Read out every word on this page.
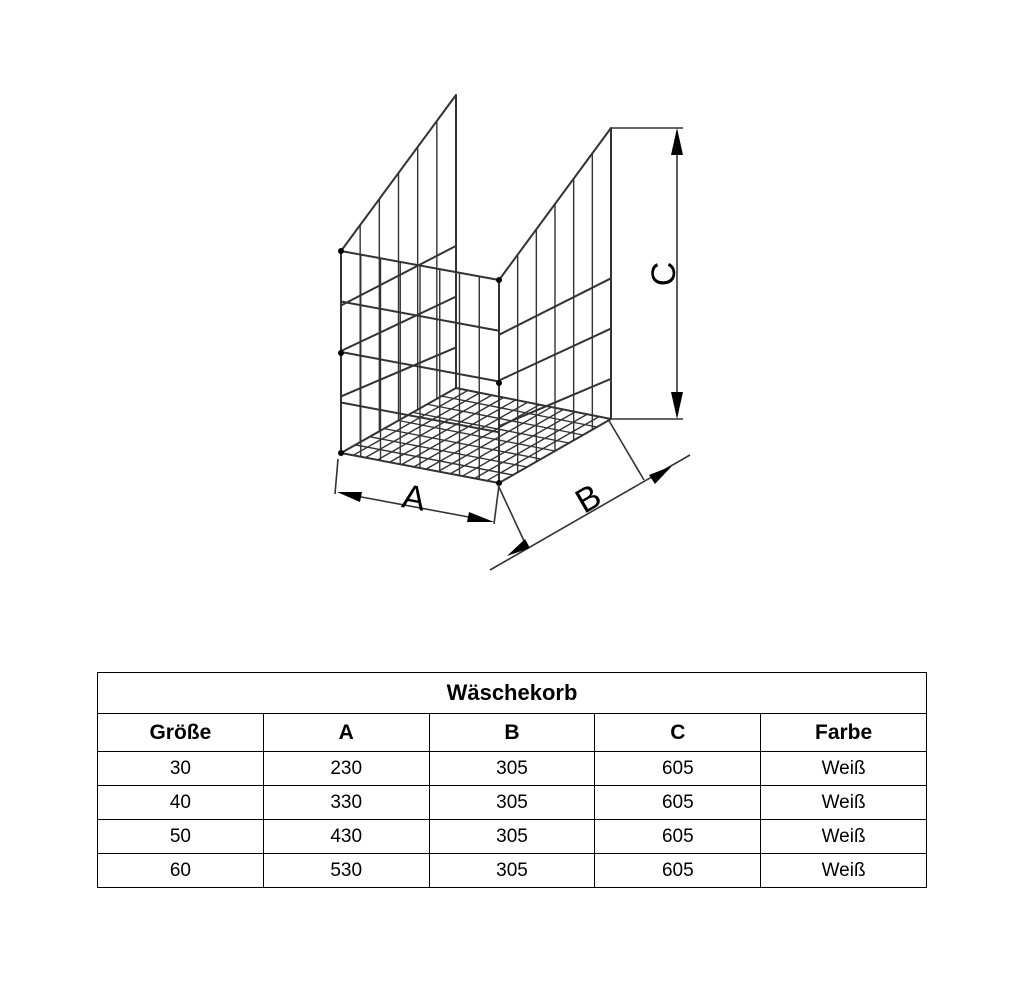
A	B
C
Wäschekorb				
Größe	A	B	C	Farbe
30	230	305	605	Weiß
40	330	305	605	Weiß
50	430	305	605	Weiß
60	530	305	605	Weiß
